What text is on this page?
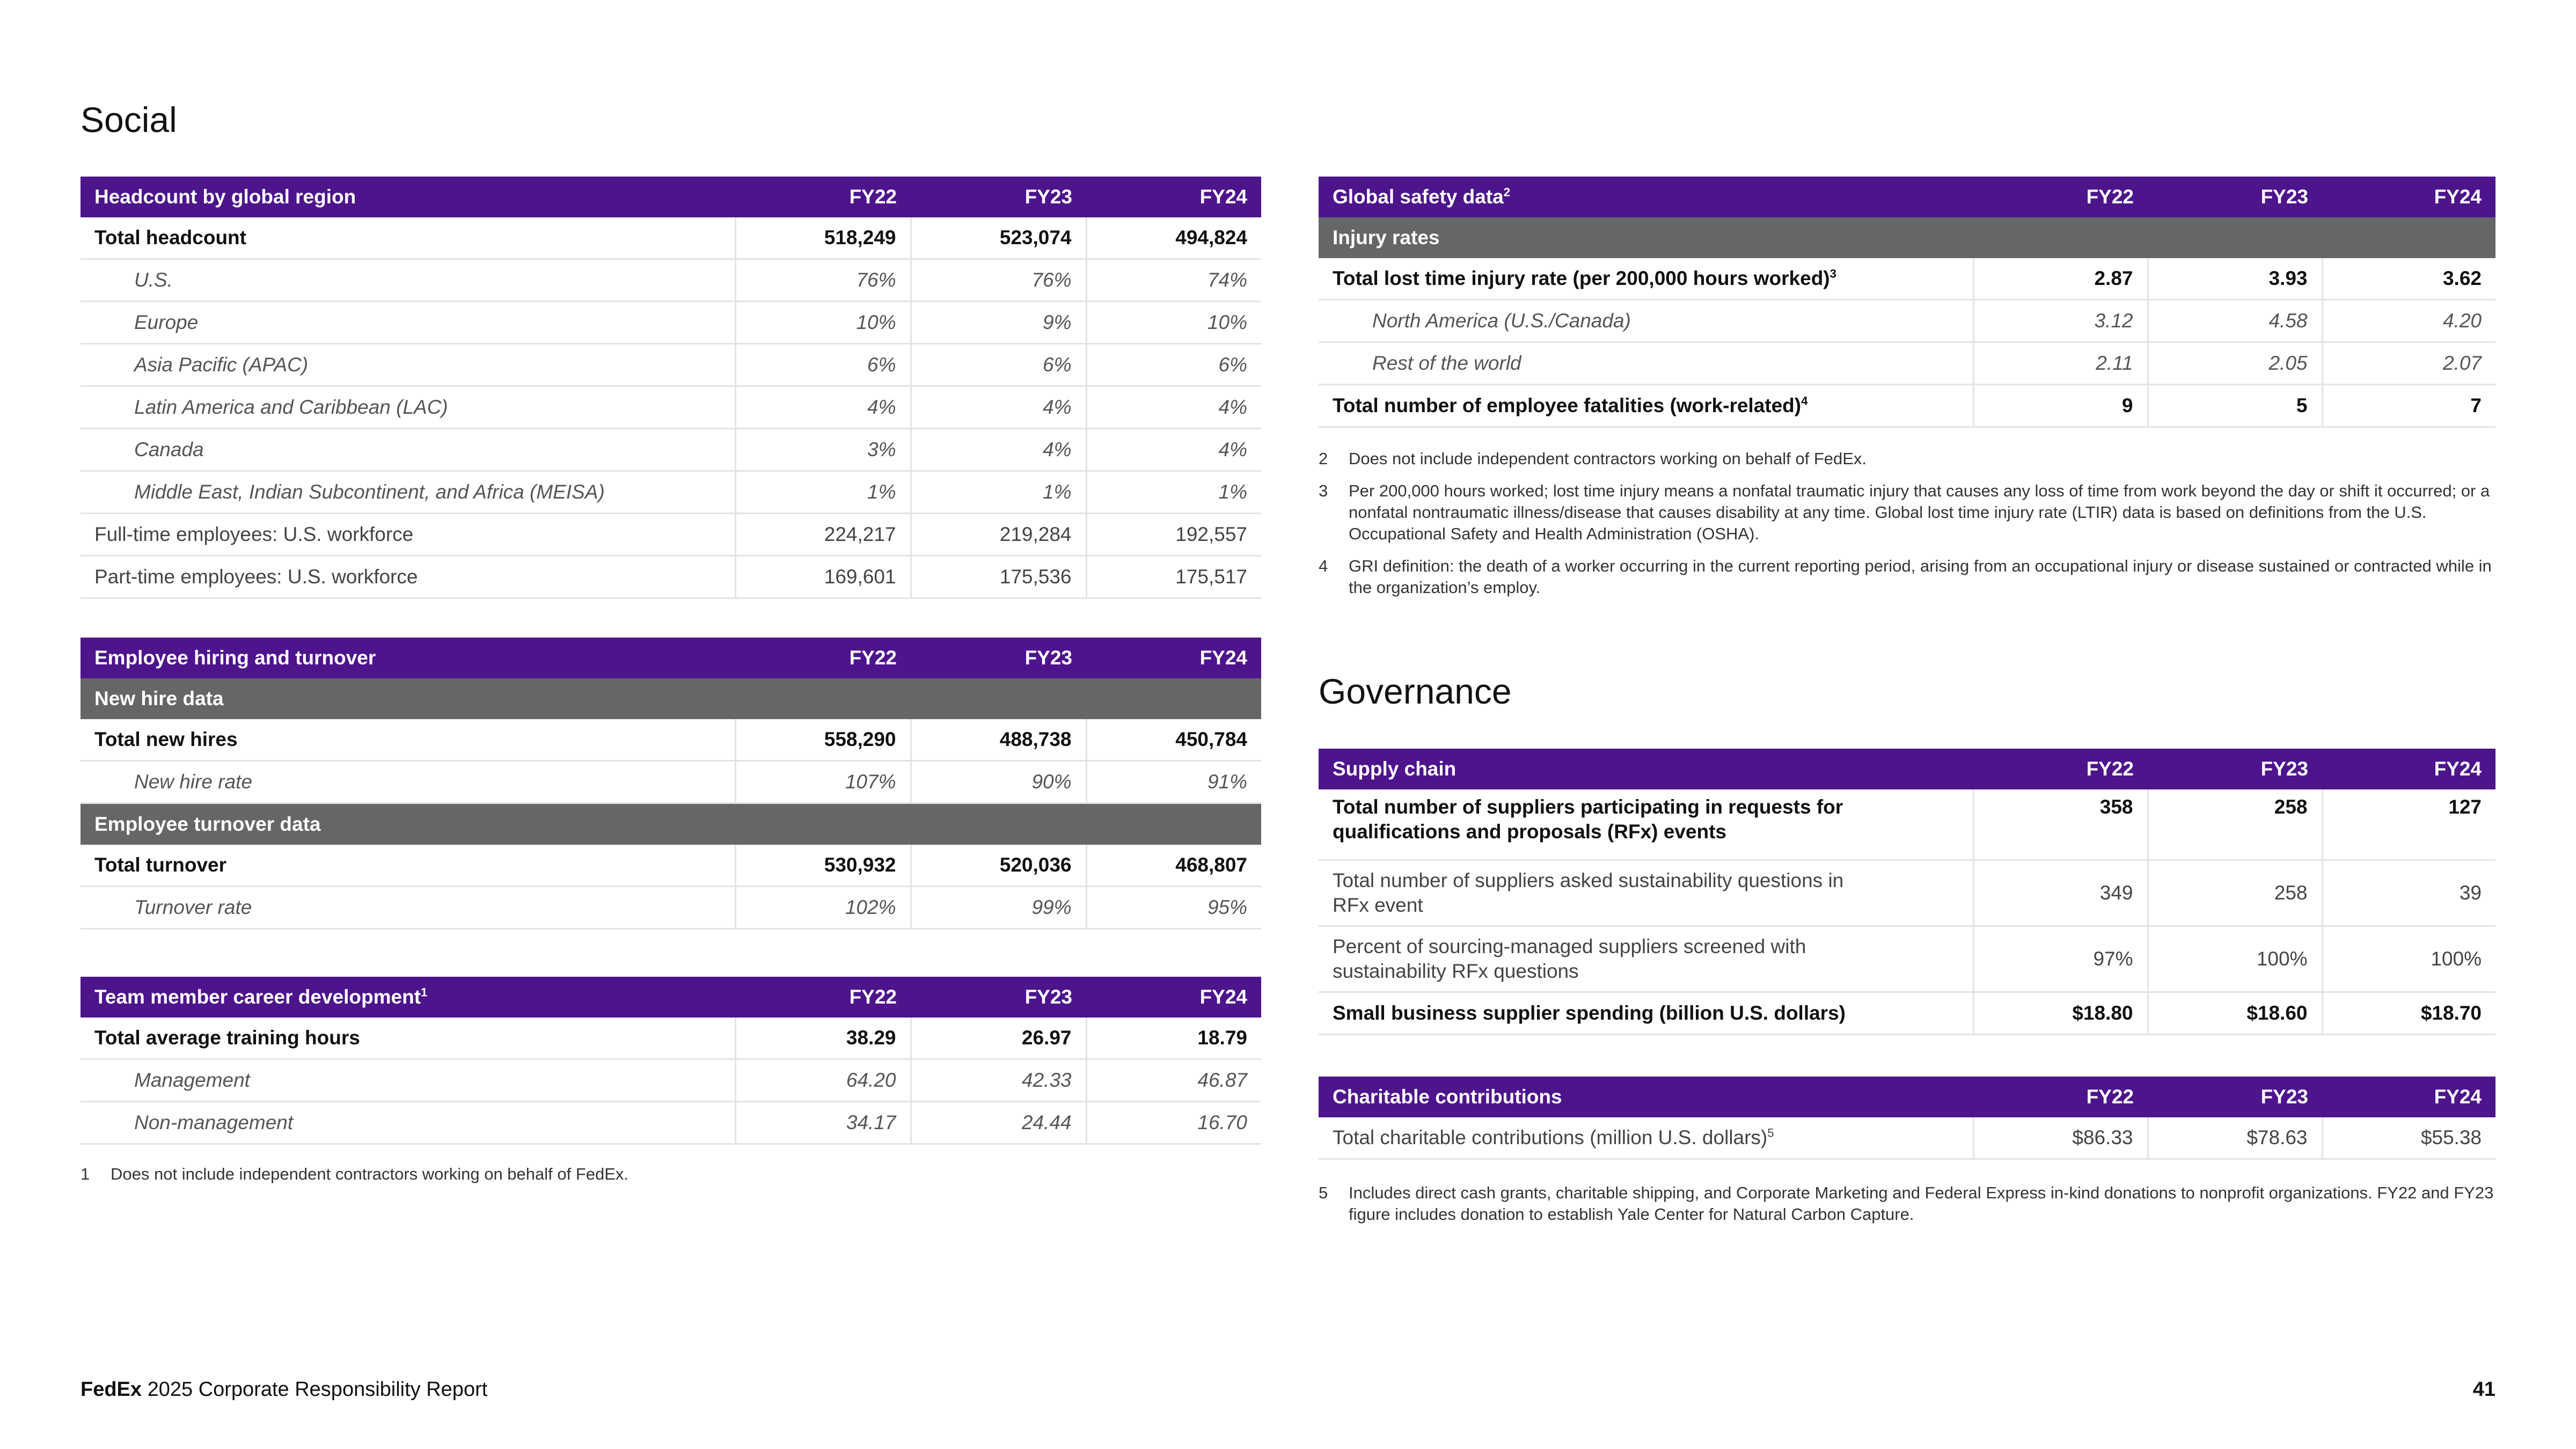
Social
Headcount by global region	FY22	FY23	FY24
Total headcount	518,249	523,074	494,824
U.S.	76%	76%	74%
Europe	10%	9%	10%
Asia Pacific (APAC)	6%	6%	6%
Latin America and Caribbean (LAC)	4%	4%	4%
Canada	3%	4%	4%
Middle East, Indian Subcontinent, and Africa (MEISA)	1%	1%	1%
Full-time employees: U.S. workforce	224,217	219,284	192,557
Part-time employees: U.S. workforce	169,601	175,536	175,517
Employee hiring and turnover	FY22	FY23	FY24
New hire data			
Total new hires	558,290	488,738	450,784
New hire rate	107%	90%	91%
Employee turnover data			
Total turnover	530,932	520,036	468,807
Turnover rate	102%	99%	95%
Team member career development$^1$	FY22	FY23	FY24
Total average training hours	38.29	26.97	18.79
Management	64.20	42.33	46.87
Non-management	34.17	24.44	16.70
1 Does not include independent contractors working on behalf of FedEx.
Global safety data$^2$	FY22	FY23	FY24
Injury rates			
Total lost time injury rate (per 200,000 hours worked)$^3$	2.87	3.93	3.62
North America (U.S./Canada)	3.12	4.58	4.20
Rest of the world	2.11	2.05	2.07
Total number of employee fatalities (work-related)$^4$	9	5	7
2 Does not include independent contractors working on behalf of FedEx.
3 Per 200,000 hours worked; lost time injury means a nonfatal traumatic injury that causes any loss of time from work beyond the day or shift it occurred; or a nonfatal nontraumatic illness/disease that causes disability at any time. Global lost time injury rate (LTIR) data is based on definitions from the U.S. Occupational Safety and Health Administration (OSHA).
4 GRI definition: the death of a worker occurring in the current reporting period, arising from an occupational injury or disease sustained or contracted while in the organization’s employ.
Governance
Supply chain	FY22	FY23	FY24
Total number of suppliers participating in requests for qualifications and proposals (RFx) events	358	258	127
Total number of suppliers asked sustainability questions in RFx event	349	258	39
Percent of sourcing-managed suppliers screened with sustainability RFx questions	97%	100%	100%
Small business supplier spending (billion U.S. dollars)	$18.80	$18.60	$18.70
Charitable contributions	FY22	FY23	FY24
Total charitable contributions (million U.S. dollars)$^5$	$86.33	$78.63	$55.38
5 Includes direct cash grants, charitable shipping, and Corporate Marketing and Federal Express in-kind donations to nonprofit organizations. FY22 and FY23 figure includes donation to establish Yale Center for Natural Carbon Capture.
FedEx 2025 Corporate Responsibility Report	41
